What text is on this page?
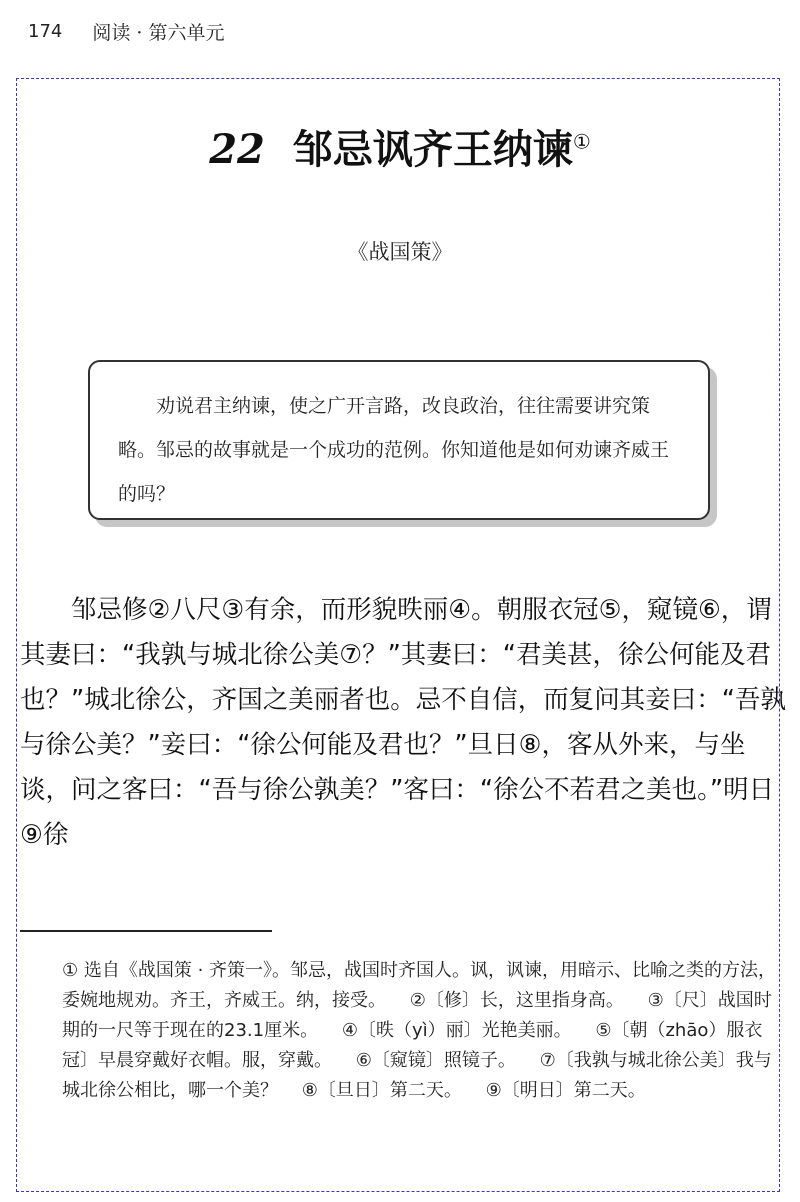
174 阅读 · 第六单元
22 邹忌讽齐王纳谏①
《战国策》

劝说君主纳谏，使之广开言路，改良政治，往往需要讲究策略。邹忌的故事就是一个成功的范例。你知道他是如何劝谏齐威王的吗？

邹忌修②八尺③有余，而形貌昳丽④。朝服衣冠⑤，窥镜⑥，谓其妻曰：“我孰与城北徐公美⑦？”其妻曰：“君美甚，徐公何能及君也？”城北徐公，齐国之美丽者也。忌不自信，而复问其妾曰：“吾孰与徐公美？”妾曰：“徐公何能及君也？”旦日⑧，客从外来，与坐谈，问之客曰：“吾与徐公孰美？”客曰：“徐公不若君之美也。”明日⑨徐

① 选自《战国策 · 齐策一》。邹忌，战国时齐国人。讽，讽谏，用暗示、比喻之类的方法，委婉地规劝。齐王，齐威王。纳，接受。 ②〔修〕长，这里指身高。 ③〔尺〕战国时期的一尺等于现在的23.1厘米。 ④〔昳（yì）丽〕光艳美丽。 ⑤〔朝（zhāo）服衣冠〕早晨穿戴好衣帽。服，穿戴。 ⑥〔窥镜〕照镜子。 ⑦〔我孰与城北徐公美〕我与城北徐公相比，哪一个美？ ⑧〔旦日〕第二天。 ⑨〔明日〕第二天。
